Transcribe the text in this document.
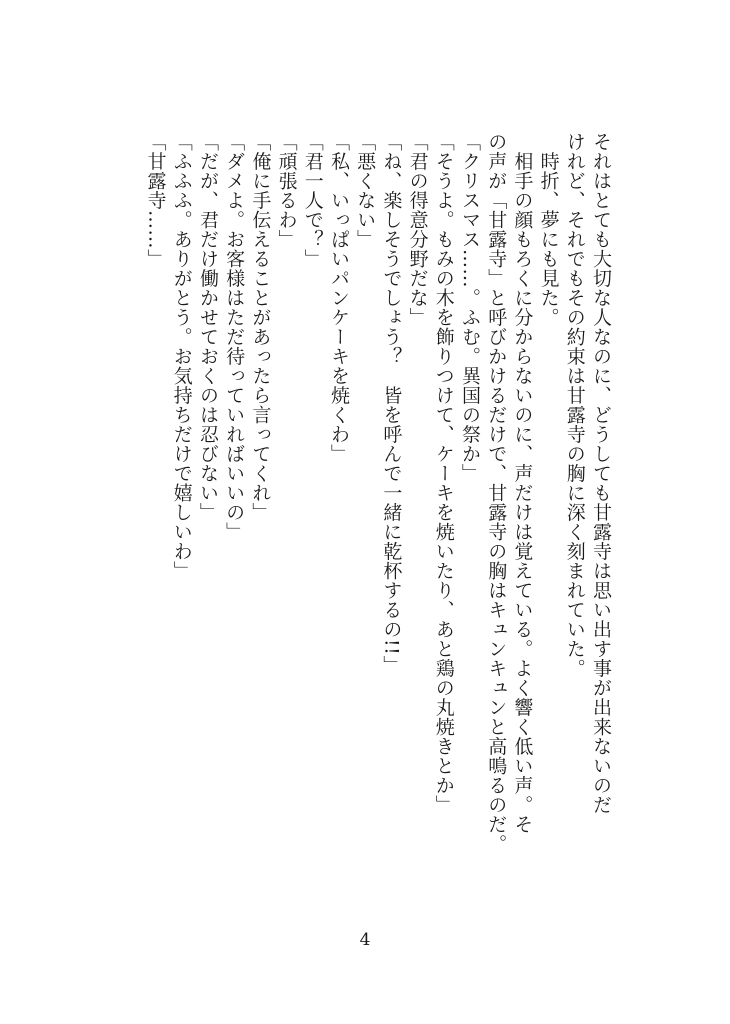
それはとても大切な人なのに、どうしても甘露寺は思い出す事が出来ないのだ
けれど、それでもその約束は甘露寺の胸に深く刻まれていた。
　時折、夢にも見た。
　相手の顔もろくに分からないのに、声だけは覚えている。よく響く低い声。そ
の声が「甘露寺」と呼びかけるだけで、甘露寺の胸はキュンキュンと高鳴るのだ。
「クリスマス……。ふむ。異国の祭か」
「そうよ。もみの木を飾りつけて、ケーキを焼いたり、あと鶏の丸焼きとか」
「君の得意分野だな」
「ね、楽しそうでしょう？　皆を呼んで一緒に乾杯するの!!」
「悪くない」
「私、いっぱいパンケーキを焼くわ」
「君一人で？」
「頑張るわ」
「俺に手伝えることがあったら言ってくれ」
「ダメよ。お客様はただ待っていればいいの」
「だが、君だけ働かせておくのは忍びない」
「ふふふ。ありがとう。お気持ちだけで嬉しいわ」
「甘露寺……」
4
